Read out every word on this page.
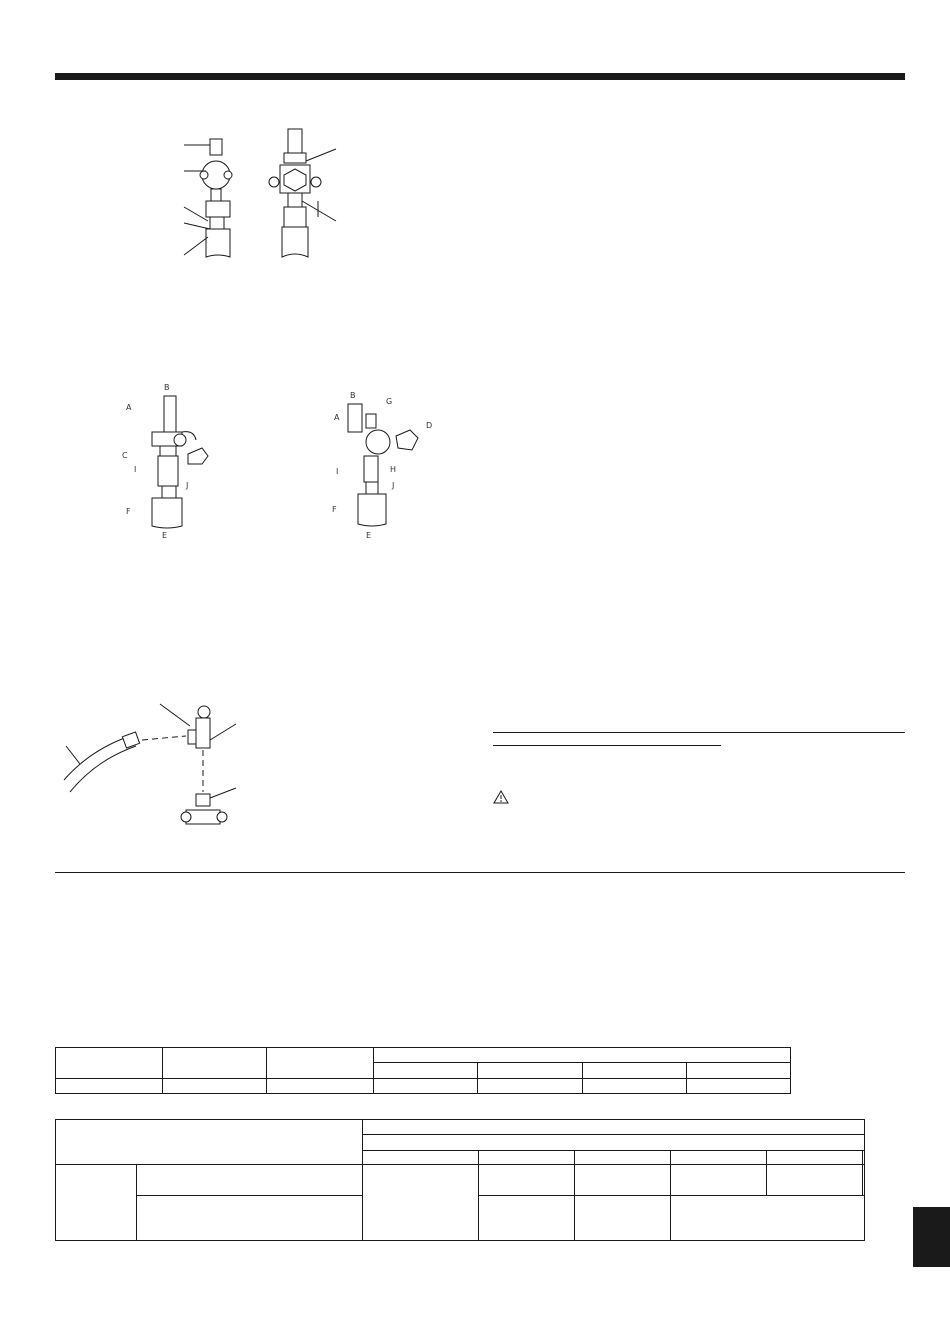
B
A
C
I
J
F
E
B
G
A
D
I	H
J
F
E
